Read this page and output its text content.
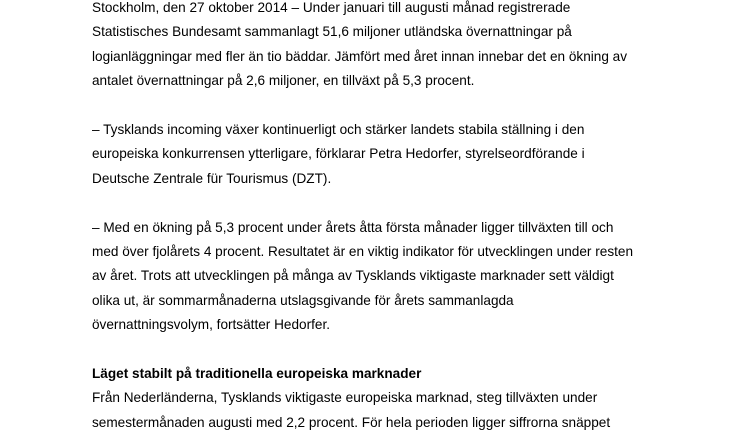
Stockholm, den 27 oktober 2014 – Under januari till augusti månad registrerade
Statistisches Bundesamt sammanlagt 51,6 miljoner utländska övernattningar på
logianläggningar med fler än tio bäddar. Jämfört med året innan innebar det en ökning av
antalet övernattningar på 2,6 miljoner, en tillväxt på 5,3 procent.

– Tysklands incoming växer kontinuerligt och stärker landets stabila ställning i den
europeiska konkurrensen ytterligare, förklarar Petra Hedorfer, styrelseordförande i
Deutsche Zentrale für Tourismus (DZT).

– Med en ökning på 5,3 procent under årets åtta första månader ligger tillväxten till och
med över fjolårets 4 procent. Resultatet är en viktig indikator för utvecklingen under resten
av året. Trots att utvecklingen på många av Tysklands viktigaste marknader sett väldigt
olika ut, är sommarmånaderna utslagsgivande för årets sammanlagda
övernattningsvolym, fortsätter Hedorfer.

Läget stabilt på traditionella europeiska marknader
Från Nederländerna, Tysklands viktigaste europeiska marknad, steg tillväxten under
semestermånaden augusti med 2,2 procent. För hela perioden ligger siffrorna snäppet
